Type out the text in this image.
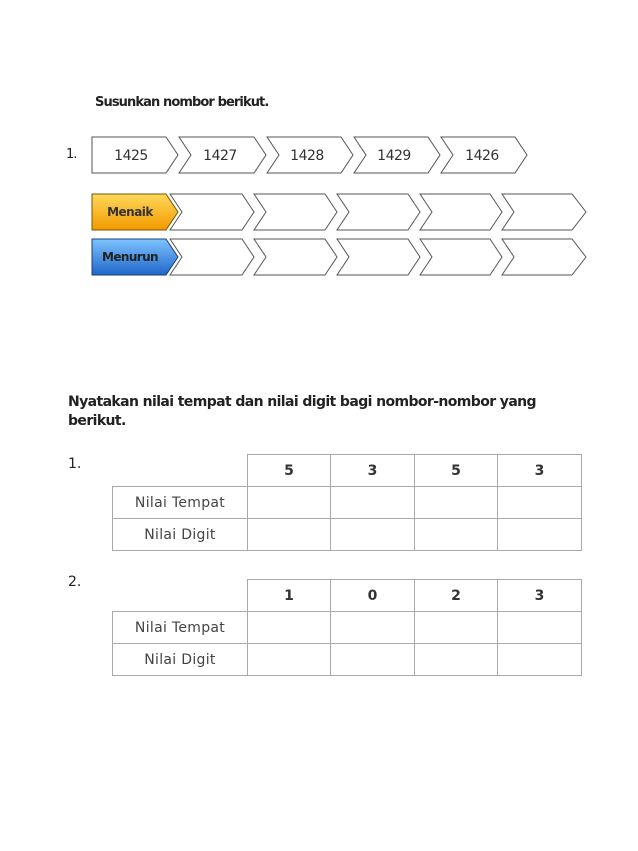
Susunkan nombor berikut.
1.	1425	1427	1428	1429	1426
Menaik
Menurun
Nyatakan nilai tempat dan nilai digit bagi nombor-nombor yang berikut.
1.
		5	3	5	3
Nilai Tempat				
Nilai Digit				
2.
	1	0	2	3
Nilai Tempat				
Nilai Digit				
